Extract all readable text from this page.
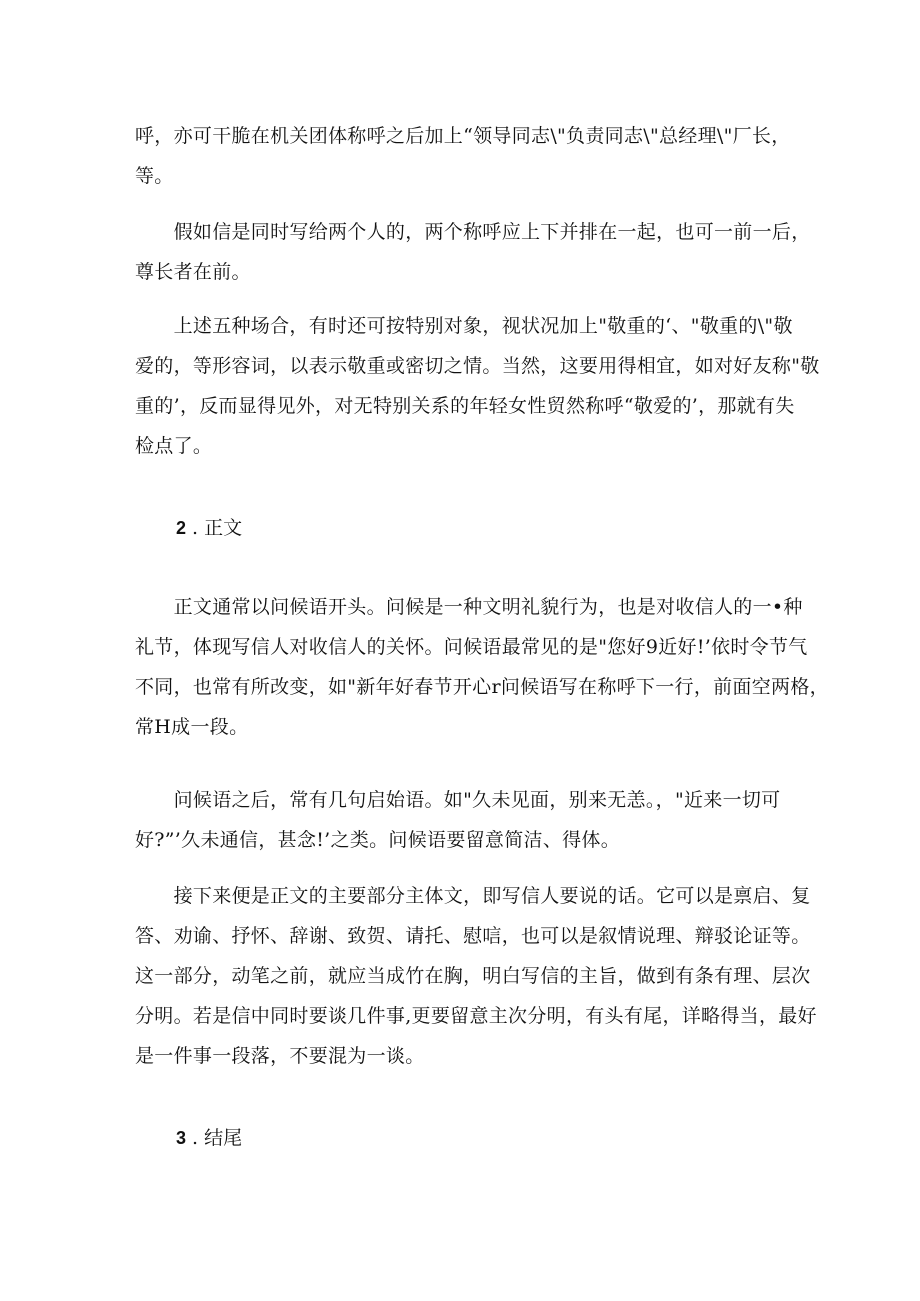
呼，亦可干脆在机关团体称呼之后加上“领导同志\"负责同志\"总经理\"厂长，
等。

　　假如信是同时写给两个人的，两个称呼应上下并排在一起，也可一前一后，
尊长者在前。

　　上述五种场合，有时还可按特别对象，视状况加上"敬重的‘、"敬重的\"敬
爱的，等形容词，以表示敬重或密切之情。当然，这要用得相宜，如对好友称"敬
重的’，反而显得见外，对无特别关系的年轻女性贸然称呼“敬爱的’，那就有失
检点了。

2 . 正文

　　正文通常以问候语开头。问候是一种文明礼貌行为，也是对收信人的一•种
礼节，体现写信人对收信人的关怀。问候语最常见的是"您好9近好!’依时令节气
不同，也常有所改变，如"新年好春节开心r问候语写在称呼下一行，前面空两格，
常H成一段。

　　问候语之后，常有几句启始语。如"久未见面，别来无恙。，"近来一切可
好?”’久未通信，甚念!’之类。问候语要留意简洁、得体。

　　接下来便是正文的主要部分主体文，即写信人要说的话。它可以是禀启、复
答、劝谕、抒怀、辞谢、致贺、请托、慰唁，也可以是叙情说理、辩驳论证等。
这一部分，动笔之前，就应当成竹在胸，明白写信的主旨，做到有条有理、层次
分明。若是信中同时要谈几件事,更要留意主次分明，有头有尾，详略得当，最好
是一件事一段落，不要混为一谈。

3 . 结尾
